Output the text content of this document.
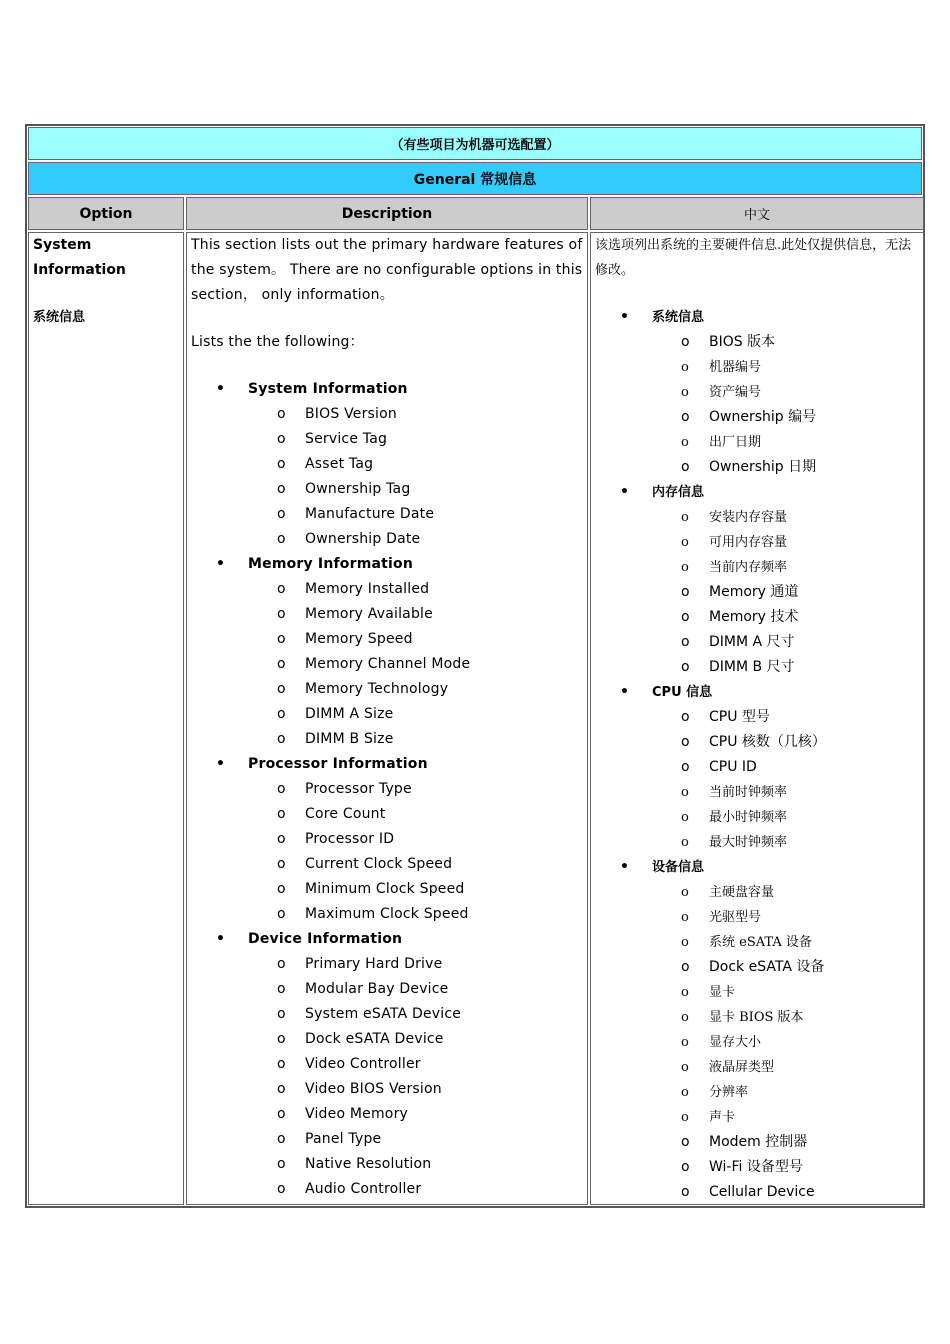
（有些项目为机器可选配置）
General 常规信息
Option	Description	中文

System Information

系统信息

This section lists out the primary hardware features of the system。 There are no configurable options in this section， only information。

Lists the the following：

• System Information
o BIOS Version
o Service Tag
o Asset Tag
o Ownership Tag
o Manufacture Date
o Ownership Date
• Memory Information
o Memory Installed
o Memory Available
o Memory Speed
o Memory Channel Mode
o Memory Technology
o DIMM A Size
o DIMM B Size
• Processor Information
o Processor Type
o Core Count
o Processor ID
o Current Clock Speed
o Minimum Clock Speed
o Maximum Clock Speed
• Device Information
o Primary Hard Drive
o Modular Bay Device
o System eSATA Device
o Dock eSATA Device
o Video Controller
o Video BIOS Version
o Video Memory
o Panel Type
o Native Resolution
o Audio Controller

该选项列出系统的主要硬件信息.此处仅提供信息，无法修改。

• 系统信息
o BIOS 版本
o 机器编号
o 资产编号
o Ownership 编号
o 出厂日期
o Ownership 日期
• 内存信息
o 安装内存容量
o 可用内存容量
o 当前内存频率
o Memory 通道
o Memory 技术
o DIMM A 尺寸
o DIMM B 尺寸
• CPU 信息
o CPU 型号
o CPU 核数（几核）
o CPU ID
o 当前时钟频率
o 最小时钟频率
o 最大时钟频率
• 设备信息
o 主硬盘容量
o 光驱型号
o 系统 eSATA 设备
o Dock eSATA 设备
o 显卡
o 显卡 BIOS 版本
o 显存大小
o 液晶屏类型
o 分辨率
o 声卡
o Modem 控制器
o Wi-Fi 设备型号
o Cellular Device
